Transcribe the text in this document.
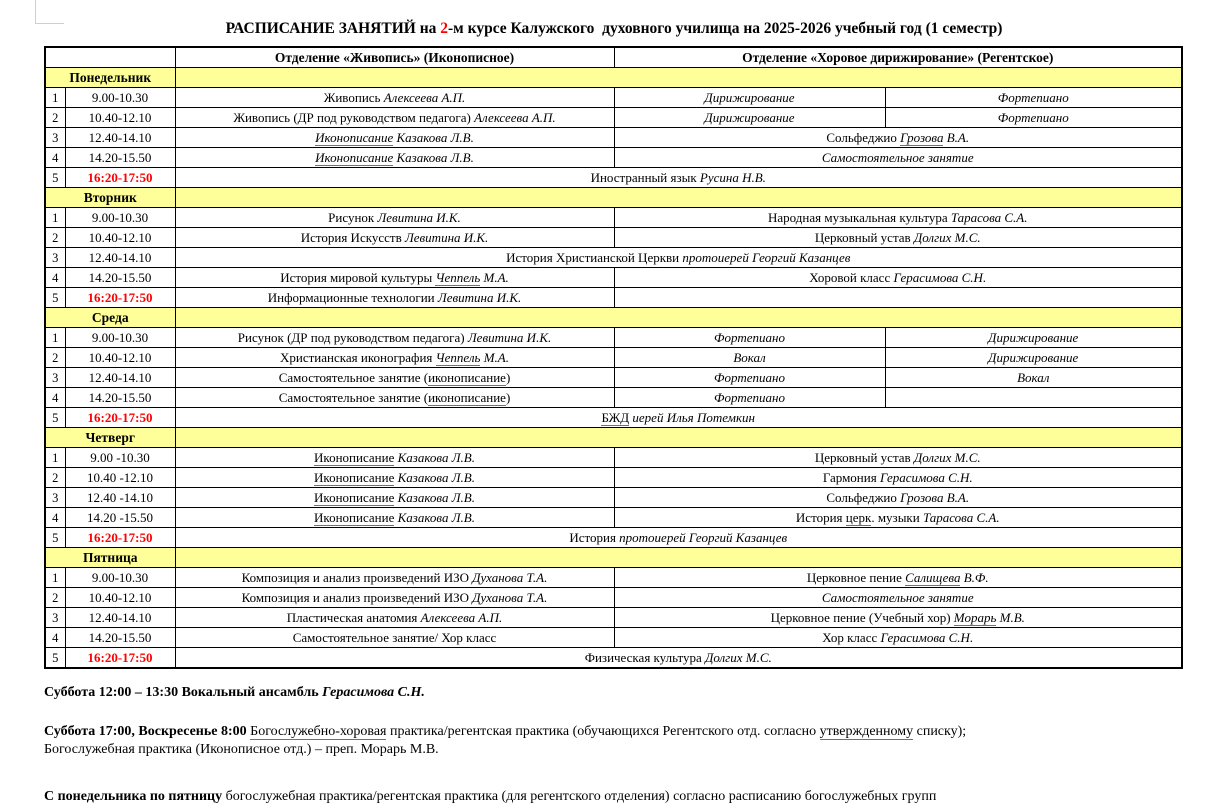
РАСПИСАНИЕ ЗАНЯТИЙ на 2-м курсе Калужского  духовного училища на 2025-2026 учебный год (1 семестр)
		Отделение «Живопись» (Иконописное)	Отделение «Хоровое дирижирование» (Регентское)	
Понедельник				
1	9.00-10.30	Живопись Алексеева А.П.	Дирижирование	Фортепиано
2	10.40-12.10	Живопись (ДР под руководством педагога) Алексеева А.П.	Дирижирование	Фортепиано
3	12.40-14.10	Иконописание Казакова Л.В.	Сольфеджио Грозова В.А.	
4	14.20-15.50	Иконописание Казакова Л.В.	Самостоятельное занятие	
5	16:20-17:50	Иностранный язык Русина Н.В.		
Вторник				
1	9.00-10.30	Рисунок Левитина И.К.	Народная музыкальная культура Тарасова С.А.	
2	10.40-12.10	История Искусств Левитина И.К.	Церковный устав Долгих М.С.	
3	12.40-14.10	История Христианской Церкви протоиерей Георгий Казанцев		
4	14.20-15.50	История мировой культуры Чеппель М.А.	Хоровой класс Герасимова С.Н.	
5	16:20-17:50	Информационные технологии Левитина И.К.		
Среда				
1	9.00-10.30	Рисунок (ДР под руководством педагога) Левитина И.К.	Фортепиано	Дирижирование
2	10.40-12.10	Христианская иконография Чеппель М.А.	Вокал	Дирижирование
3	12.40-14.10	Самостоятельное занятие (иконописание)	Фортепиано	Вокал
4	14.20-15.50	Самостоятельное занятие (иконописание)	Фортепиано	
5	16:20-17:50	БЖД иерей Илья Потемкин		
Четверг				
1	9.00 -10.30	Иконописание Казакова Л.В.	Церковный устав Долгих М.С.	
2	10.40 -12.10	Иконописание Казакова Л.В.	Гармония Герасимова С.Н.	
3	12.40 -14.10	Иконописание Казакова Л.В.	Сольфеджио Грозова В.А.	
4	14.20 -15.50	Иконописание Казакова Л.В.	История церк. музыки Тарасова С.А.	
5	16:20-17:50	История протоиерей Георгий Казанцев		
Пятница				
1	9.00-10.30	Композиция и анализ произведений ИЗО Духанова Т.А.	Церковное пение Салищева В.Ф.	
2	10.40-12.10	Композиция и анализ произведений ИЗО Духанова Т.А.	Самостоятельное занятие	
3	12.40-14.10	Пластическая анатомия Алексеева А.П.	Церковное пение (Учебный хор) Морарь М.В.	
4	14.20-15.50	Самостоятельное занятие/ Хор класс	Хор класс Герасимова С.Н.	
5	16:20-17:50	Физическая культура Долгих М.С.		

Суббота 12:00 – 13:30 Вокальный ансамбль Герасимова С.Н.

Суббота 17:00, Воскресенье 8:00 Богослужебно-хоровая практика/регентская практика (обучающихся Регентского отд. согласно утвержденному списку);
Богослужебная практика (Иконописное отд.) – преп. Морарь М.В.

С понедельника по пятницу богослужебная практика/регентская практика (для регентского отделения) согласно расписанию богослужебных групп
